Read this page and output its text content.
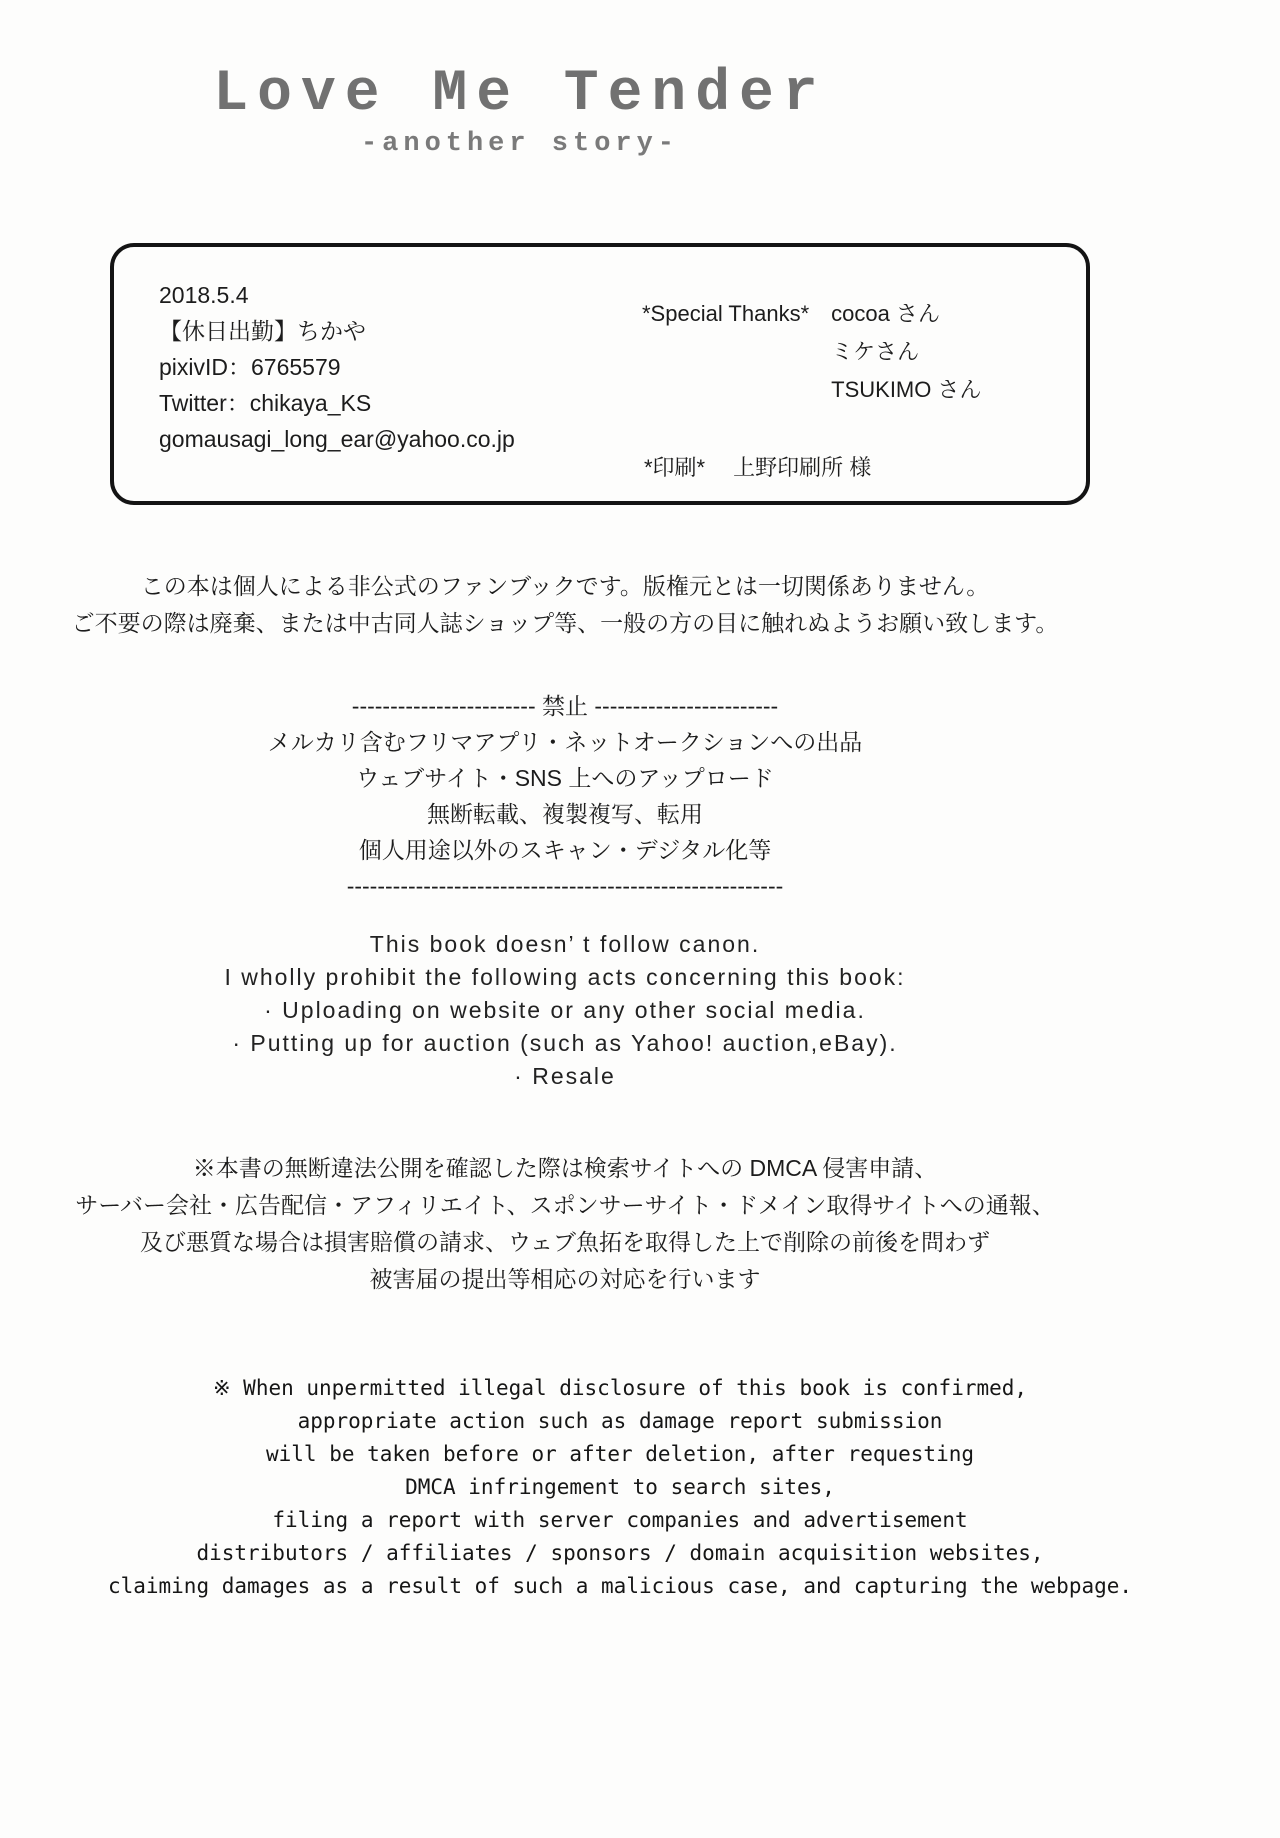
Love Me Tender
-another story-
2018.5.4
【休日出勤】ちかや
pixivID：6765579
Twitter：chikaya_KS
gomausagi_long_ear@yahoo.co.jp
*Special Thanks* cocoa さん
ミケさん
TSUKIMO さん
*印刷* 上野印刷所 様
この本は個人による非公式のファンブックです。版権元とは一切関係ありません。
ご不要の際は廃棄、または中古同人誌ショップ等、一般の方の目に触れぬようお願い致します。
------------------------ 禁止 ------------------------
メルカリ含むフリマアプリ・ネットオークションへの出品
ウェブサイト・SNS 上へのアップロード
無断転載、複製複写、転用
個人用途以外のスキャン・デジタル化等
---------------------------------------------------------
This book doesn’ t follow canon.
I wholly prohibit the following acts concerning this book:
· Uploading on website or any other social media.
· Putting up for auction (such as Yahoo! auction,eBay).
· Resale
※本書の無断違法公開を確認した際は検索サイトへの DMCA 侵害申請、
サーバー会社・広告配信・アフィリエイト、スポンサーサイト・ドメイン取得サイトへの通報、
及び悪質な場合は損害賠償の請求、ウェブ魚拓を取得した上で削除の前後を問わず
被害届の提出等相応の対応を行います
※ When unpermitted illegal disclosure of this book is confirmed,
appropriate action such as damage report submission
will be taken before or after deletion, after requesting
DMCA infringement to search sites,
filing a report with server companies and advertisement
distributors / affiliates / sponsors / domain acquisition websites,
claiming damages as a result of such a malicious case, and capturing the webpage.
